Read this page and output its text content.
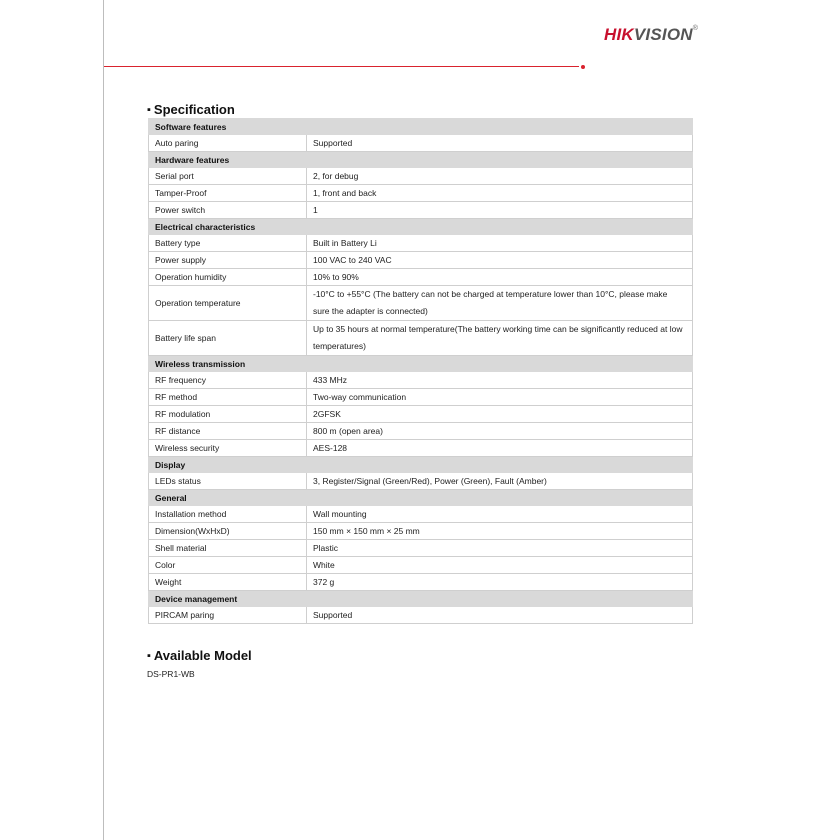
HIKVISION®
▪ Specification
Software features	
Auto paring	Supported
Hardware features	
Serial port	2, for debug
Tamper-Proof	1, front and back
Power switch	1
Electrical characteristics	
Battery type	Built in Battery Li
Power supply	100 VAC to 240 VAC
Operation humidity	10% to 90%
Operation temperature	-10°C to +55°C (The battery can not be charged at temperature lower than 10°C, please make sure the adapter is connected)
Battery life span	Up to 35 hours at normal temperature(The battery working time can be significantly reduced at low temperatures)
Wireless transmission	
RF frequency	433 MHz
RF method	Two-way communication
RF modulation	2GFSK
RF distance	800 m (open area)
Wireless security	AES-128
Display	
LEDs status	3, Register/Signal (Green/Red), Power (Green), Fault (Amber)
General	
Installation method	Wall mounting
Dimension(WxHxD)	150 mm × 150 mm × 25 mm
Shell material	Plastic
Color	White
Weight	372 g
Device management	
PIRCAM paring	Supported
▪ Available Model
DS-PR1-WB
